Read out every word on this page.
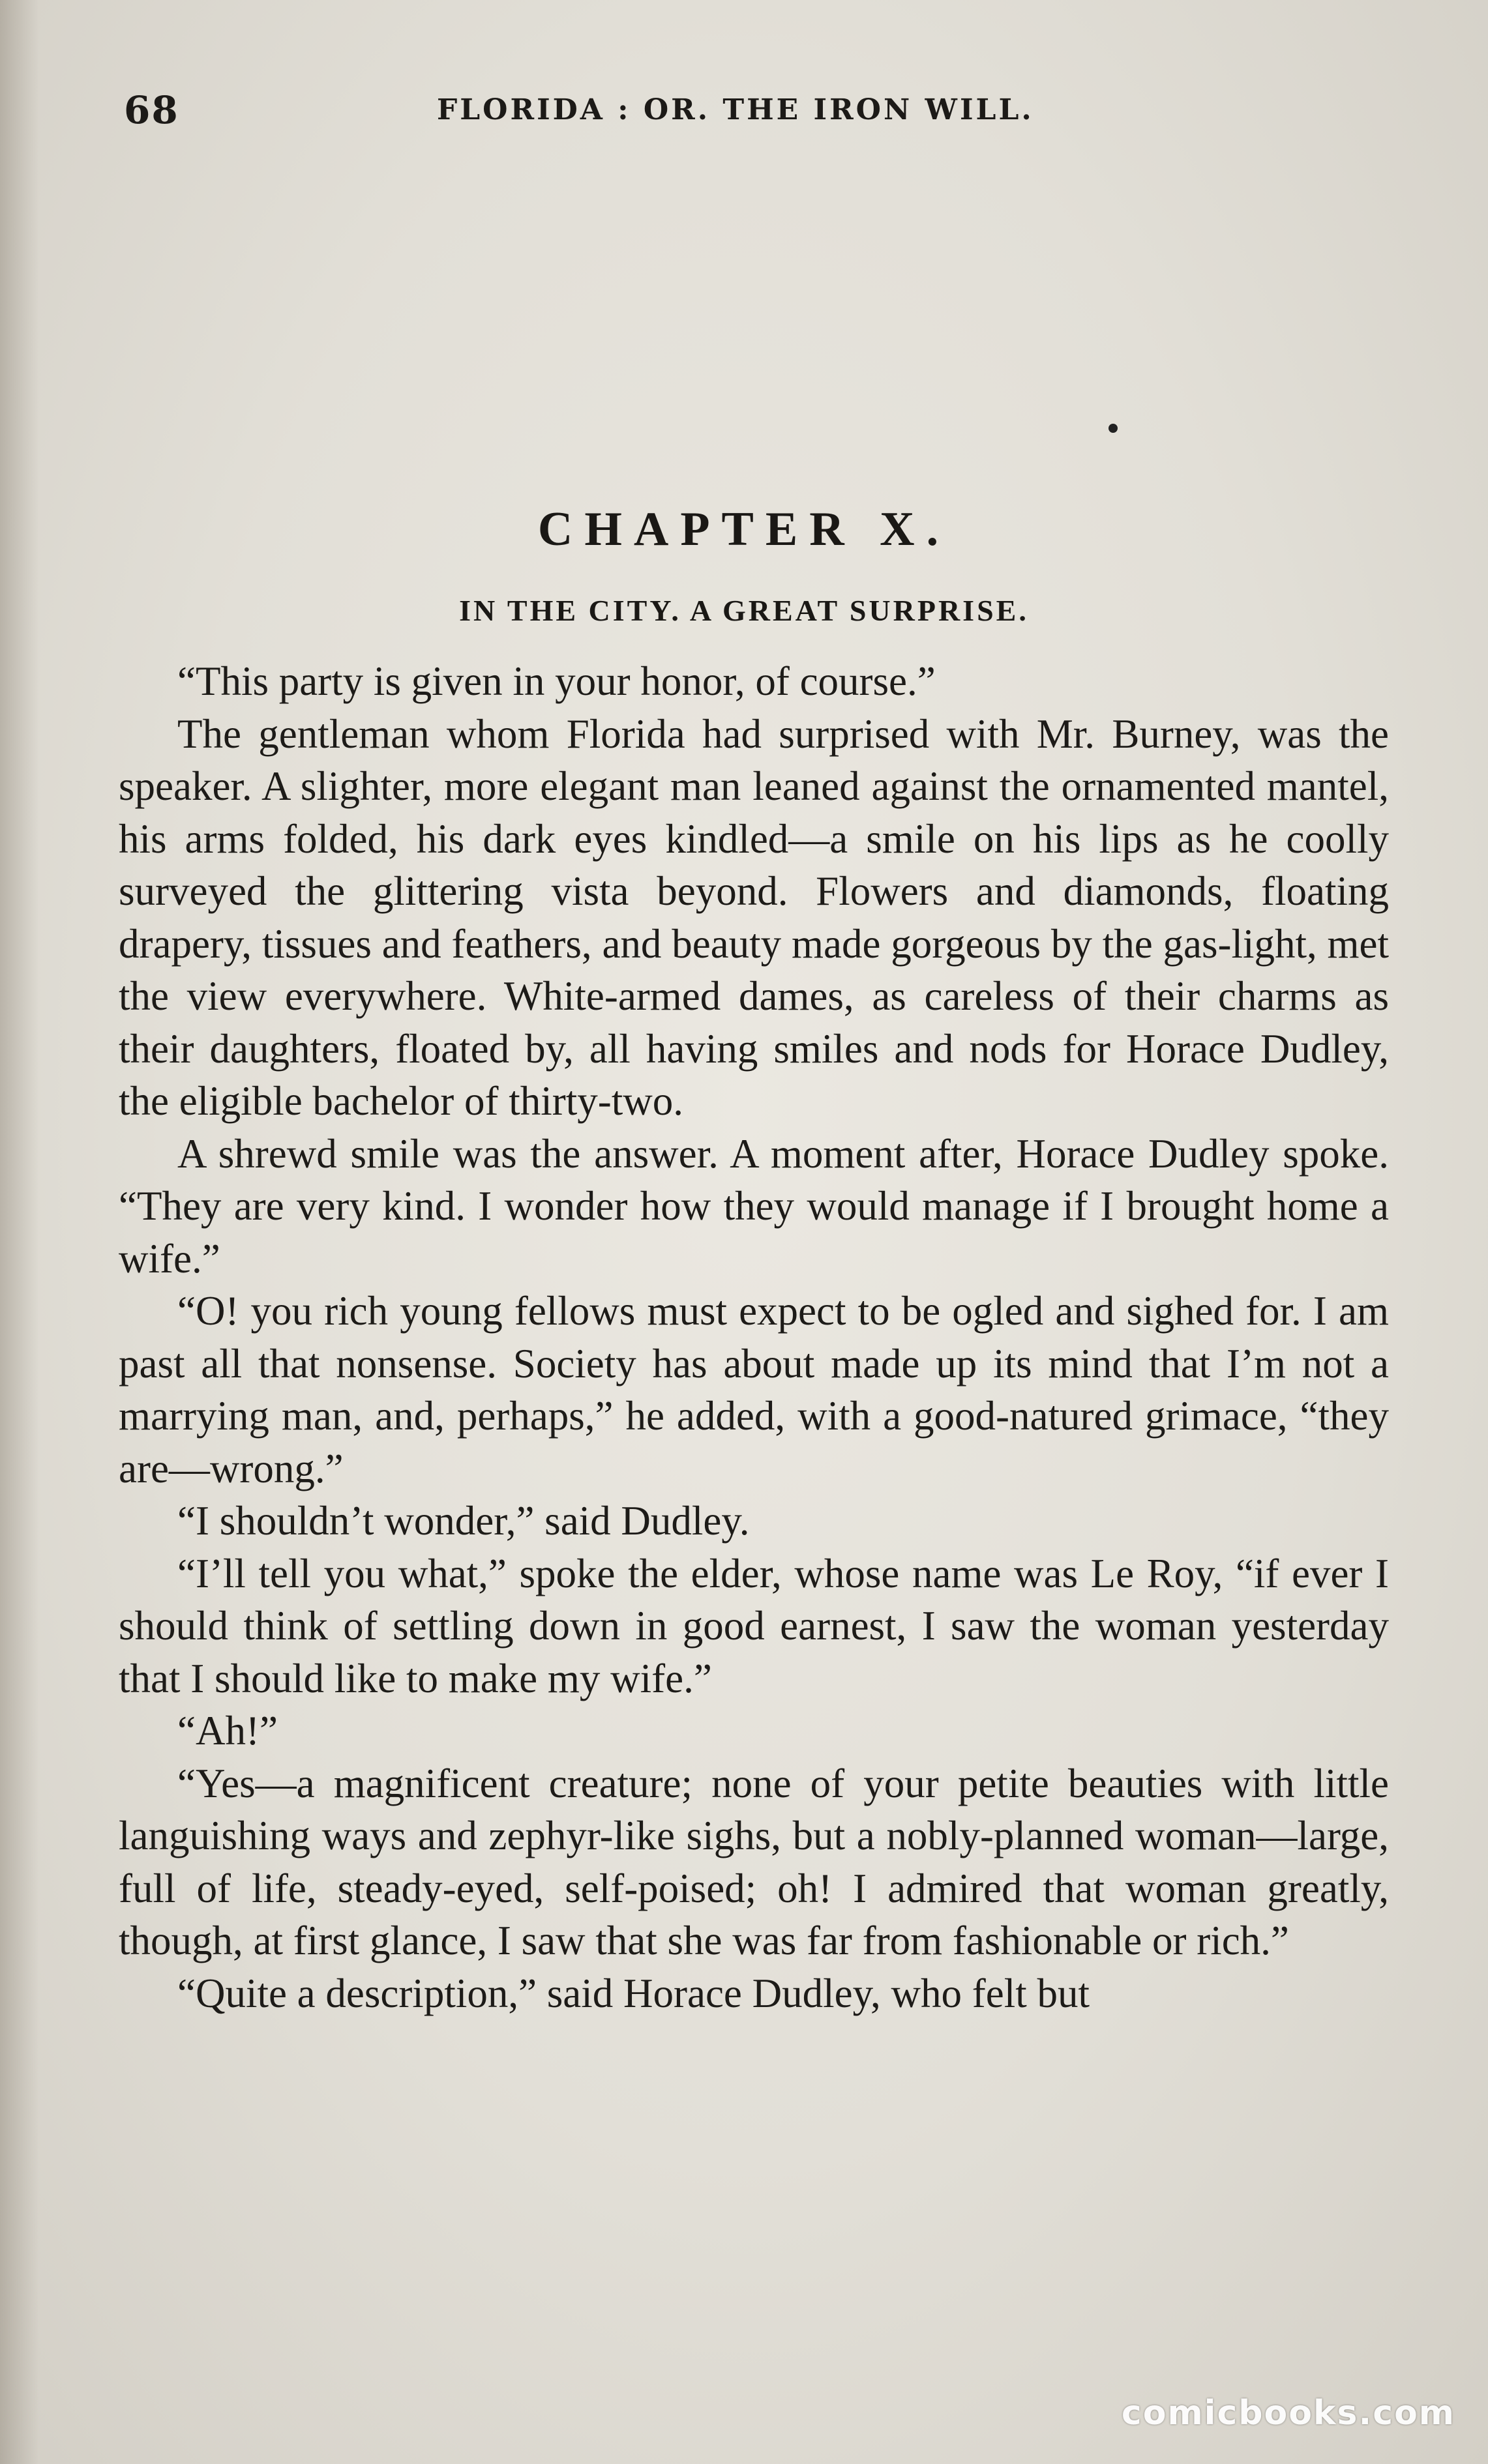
68	FLORIDA : OR. THE IRON WILL.
CHAPTER X.
IN THE CITY. A GREAT SURPRISE.

“This party is given in your honor, of course.”

The gentleman whom Florida had surprised with Mr. Burney, was the speaker. A slighter, more elegant man leaned against the ornamented mantel, his arms folded, his dark eyes kindled—a smile on his lips as he coolly surveyed the glittering vista beyond. Flowers and diamonds, floating drapery, tissues and feathers, and beauty made gorgeous by the gas-light, met the view everywhere. White-armed dames, as careless of their charms as their daughters, floated by, all having smiles and nods for Horace Dudley, the eligible bachelor of thirty-two.

A shrewd smile was the answer. A moment after, Horace Dudley spoke. “They are very kind. I wonder how they would manage if I brought home a wife.”

“O! you rich young fellows must expect to be ogled and sighed for. I am past all that nonsense. Society has about made up its mind that I’m not a marrying man, and, perhaps,” he added, with a good-natured grimace, “they are—wrong.”

“I shouldn’t wonder,” said Dudley.

“I’ll tell you what,” spoke the elder, whose name was Le Roy, “if ever I should think of settling down in good earnest, I saw the woman yesterday that I should like to make my wife.”

“Ah!”

“Yes—a magnificent creature; none of your petite beauties with little languishing ways and zephyr-like sighs, but a nobly-planned woman—large, full of life, steady-eyed, self-poised; oh! I admired that woman greatly, though, at first glance, I saw that she was far from fashionable or rich.”

“Quite a description,” said Horace Dudley, who felt but

comicbooks.com
